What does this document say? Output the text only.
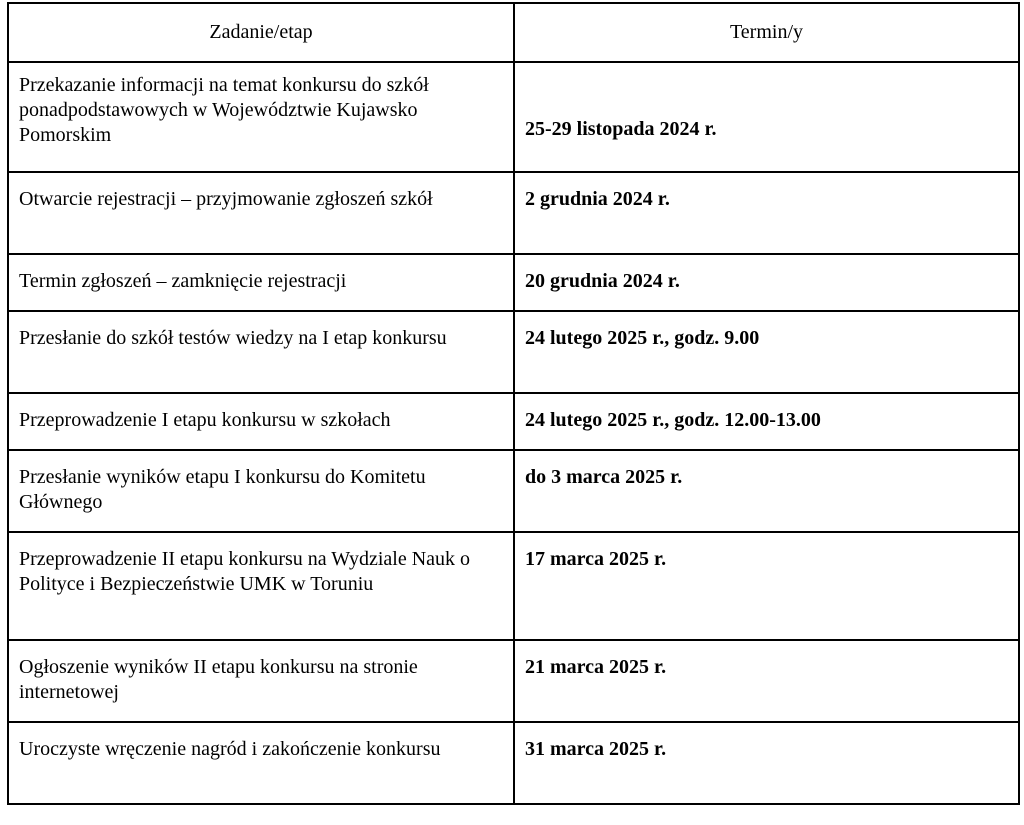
Zadanie/etap	Termin/y
Przekazanie informacji na temat konkursu do szkół ponadpodstawowych w Województwie Kujawsko Pomorskim	25-29 listopada 2024 r.
Otwarcie rejestracji – przyjmowanie zgłoszeń szkół	2 grudnia 2024 r.
Termin zgłoszeń – zamknięcie rejestracji	20 grudnia 2024 r.
Przesłanie do szkół testów wiedzy na I etap konkursu	24 lutego 2025 r., godz. 9.00
Przeprowadzenie I etapu konkursu w szkołach	24 lutego 2025 r., godz. 12.00-13.00
Przesłanie wyników etapu I konkursu do Komitetu Głównego	do 3 marca 2025 r.
Przeprowadzenie II etapu konkursu na Wydziale Nauk o Polityce i Bezpieczeństwie UMK w Toruniu	17 marca 2025 r.
Ogłoszenie wyników II etapu konkursu na stronie internetowej	21 marca 2025 r.
Uroczyste wręczenie nagród i zakończenie konkursu	31 marca 2025 r.
